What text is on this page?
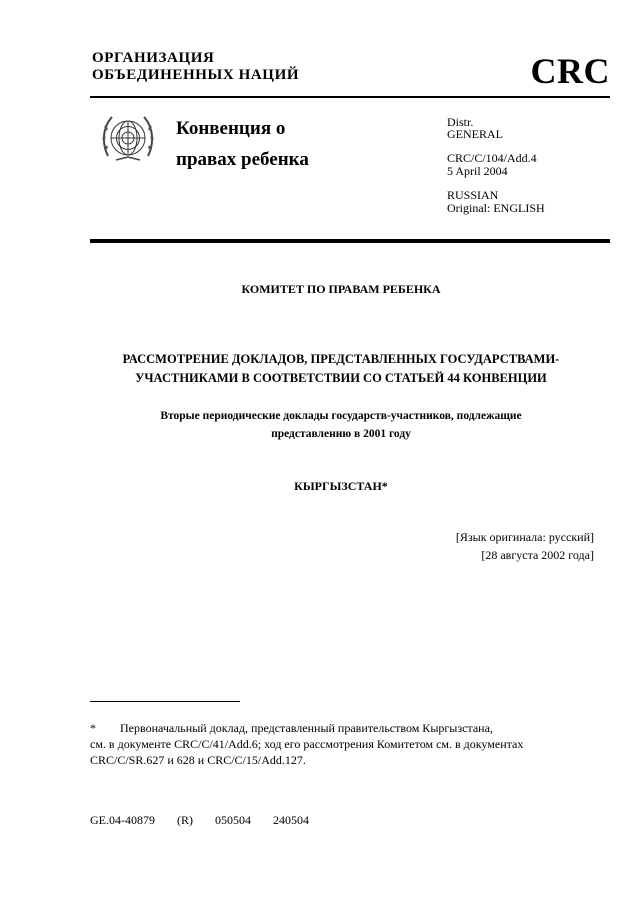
ОРГАНИЗАЦИЯ
ОБЪЕДИНЕННЫХ НАЦИЙ	CRC
Конвенция о
правах ребенка
Distr.
GENERAL
CRC/C/104/Add.4
5 April 2004
RUSSIAN
Original: ENGLISH
КОМИТЕТ ПО ПРАВАМ РЕБЕНКА
РАССМОТРЕНИЕ ДОКЛАДОВ, ПРЕДСТАВЛЕННЫХ ГОСУДАРСТВАМИ-
УЧАСТНИКАМИ В СООТВЕТСТВИИ СО СТАТЬЕЙ 44 КОНВЕНЦИИ
Вторые периодические доклады государств-участников, подлежащие
представлению в 2001 году
КЫРГЫЗСТАН*
[Язык оригинала: русский]
[28 августа 2002 года]
* Первоначальный доклад, представленный правительством Кыргызстана,
см. в документе CRC/C/41/Add.6; ход его рассмотрения Комитетом см. в документах
CRC/C/SR.627 и 628 и CRC/C/15/Add.127.
GE.04-40879 (R) 050504 240504
